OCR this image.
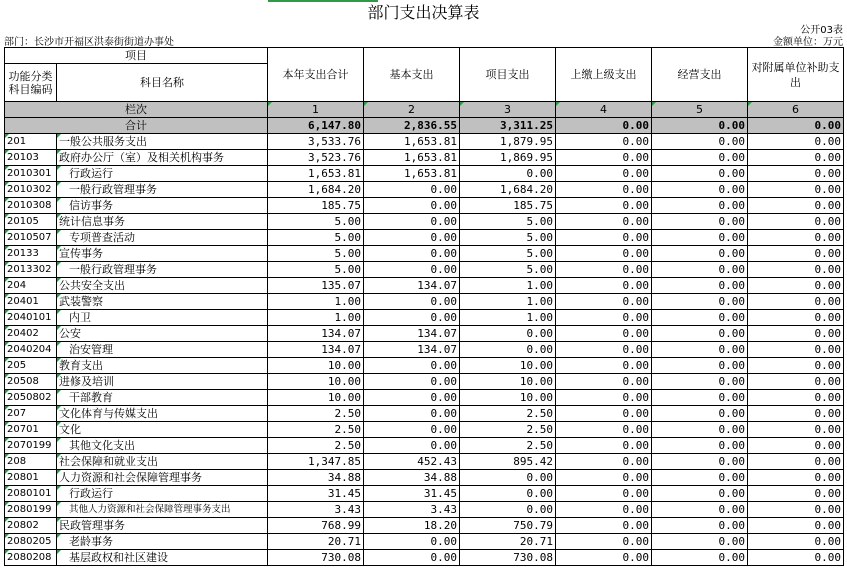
部门支出决算表
公开03表
部门：长沙市开福区洪泰街街道办事处	金额单位：万元
项目		本年支出合计	基本支出	项目支出	上缴上级支出	经营支出	对附属单位补助支出
功能分类科目编码	科目名称						
栏次		1	2	3	4	5	6
合计		6,147.80	2,836.55	3,311.25	0.00	0.00	0.00
201	一般公共服务支出	3,533.76	1,653.81	1,879.95	0.00	0.00	0.00
20103	政府办公厅（室）及相关机构事务	3,523.76	1,653.81	1,869.95	0.00	0.00	0.00
2010301	行政运行	1,653.81	1,653.81	0.00	0.00	0.00	0.00
2010302	一般行政管理事务	1,684.20	0.00	1,684.20	0.00	0.00	0.00
2010308	信访事务	185.75	0.00	185.75	0.00	0.00	0.00
20105	统计信息事务	5.00	0.00	5.00	0.00	0.00	0.00
2010507	专项普查活动	5.00	0.00	5.00	0.00	0.00	0.00
20133	宣传事务	5.00	0.00	5.00	0.00	0.00	0.00
2013302	一般行政管理事务	5.00	0.00	5.00	0.00	0.00	0.00
204	公共安全支出	135.07	134.07	1.00	0.00	0.00	0.00
20401	武装警察	1.00	0.00	1.00	0.00	0.00	0.00
2040101	内卫	1.00	0.00	1.00	0.00	0.00	0.00
20402	公安	134.07	134.07	0.00	0.00	0.00	0.00
2040204	治安管理	134.07	134.07	0.00	0.00	0.00	0.00
205	教育支出	10.00	0.00	10.00	0.00	0.00	0.00
20508	进修及培训	10.00	0.00	10.00	0.00	0.00	0.00
2050802	干部教育	10.00	0.00	10.00	0.00	0.00	0.00
207	文化体育与传媒支出	2.50	0.00	2.50	0.00	0.00	0.00
20701	文化	2.50	0.00	2.50	0.00	0.00	0.00
2070199	其他文化支出	2.50	0.00	2.50	0.00	0.00	0.00
208	社会保障和就业支出	1,347.85	452.43	895.42	0.00	0.00	0.00
20801	人力资源和社会保障管理事务	34.88	34.88	0.00	0.00	0.00	0.00
2080101	行政运行	31.45	31.45	0.00	0.00	0.00	0.00
2080199	其他人力资源和社会保障管理事务支出	3.43	3.43	0.00	0.00	0.00	0.00
20802	民政管理事务	768.99	18.20	750.79	0.00	0.00	0.00
2080205	老龄事务	20.71	0.00	20.71	0.00	0.00	0.00
2080208	基层政权和社区建设	730.08	0.00	730.08	0.00	0.00	0.00
